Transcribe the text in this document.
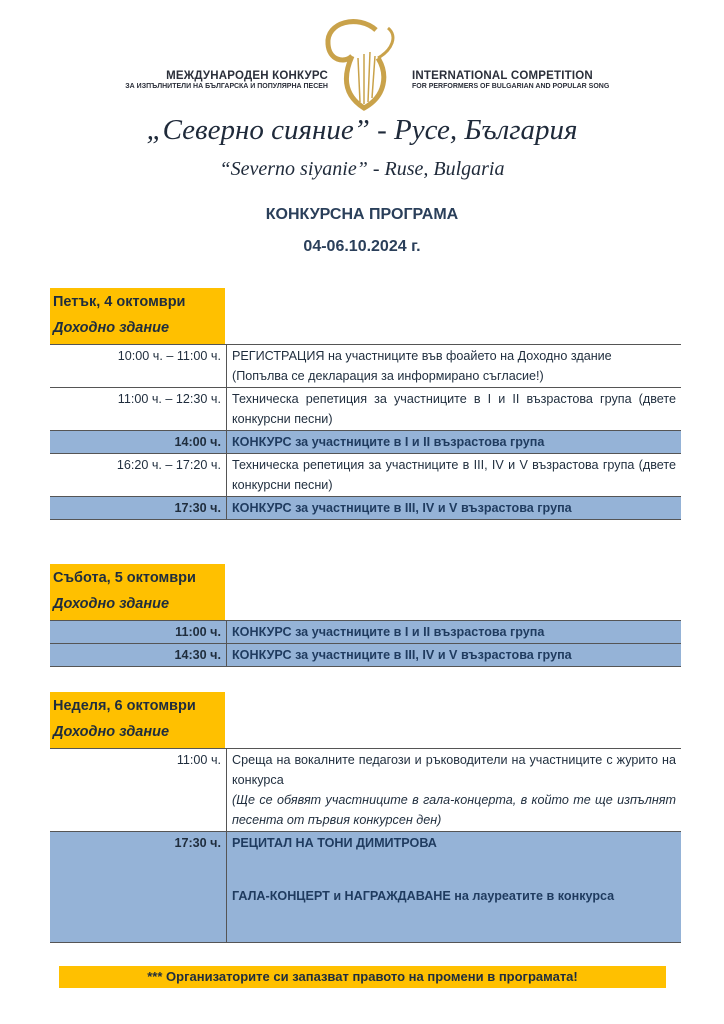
МЕЖДУНАРОДЕН КОНКУРС
ЗА ИЗПЪЛНИТЕЛИ НА БЪЛГАРСКА И ПОПУЛЯРНА ПЕСЕН
INTERNATIONAL COMPETITION
FOR PERFORMERS OF BULGARIAN AND POPULAR SONG
„Северно сияние” - Русе, България
“Severno siyanie” - Ruse, Bulgaria
КОНКУРСНА ПРОГРАМА
04-06.10.2024 г.
Петък, 4 октомври
Доходно здание
10:00 ч. – 11:00 ч.	РЕГИСТРАЦИЯ на участниците във фоайето на Доходно здание
(Попълва се декларация за информирано съгласие!)

11:00 ч. – 12:30 ч.	Техническа репетиция за участниците в I и II възрастова група (двете конкурсни песни)
14:00 ч.	КОНКУРС за участниците в I и II възрастова група
16:20 ч. – 17:20 ч.	Техническа репетиция за участниците в III, IV и V възрастова група (двете конкурсни песни)
17:30 ч.	КОНКУРС за участниците в III, IV и V възрастова група
Събота, 5 октомври
Доходно здание
11:00 ч.	КОНКУРС за участниците в I и II възрастова група
14:30 ч.	КОНКУРС за участниците в III, IV и V възрастова група
Неделя, 6 октомври
Доходно здание
11:00 ч.	Среща на вокалните педагози и ръководители на участниците с журито на конкурса
(Ще се обявят участниците в гала-концерта, в който те ще изпълнят песента от първия конкурсен ден)

17:30 ч.	РЕЦИТАЛ НА ТОНИ ДИМИТРОВА
ГАЛА-КОНЦЕРТ и НАГРАЖДАВАНЕ на лауреатите в конкурса
*** Организаторите си запазват правото на промени в програмата!
